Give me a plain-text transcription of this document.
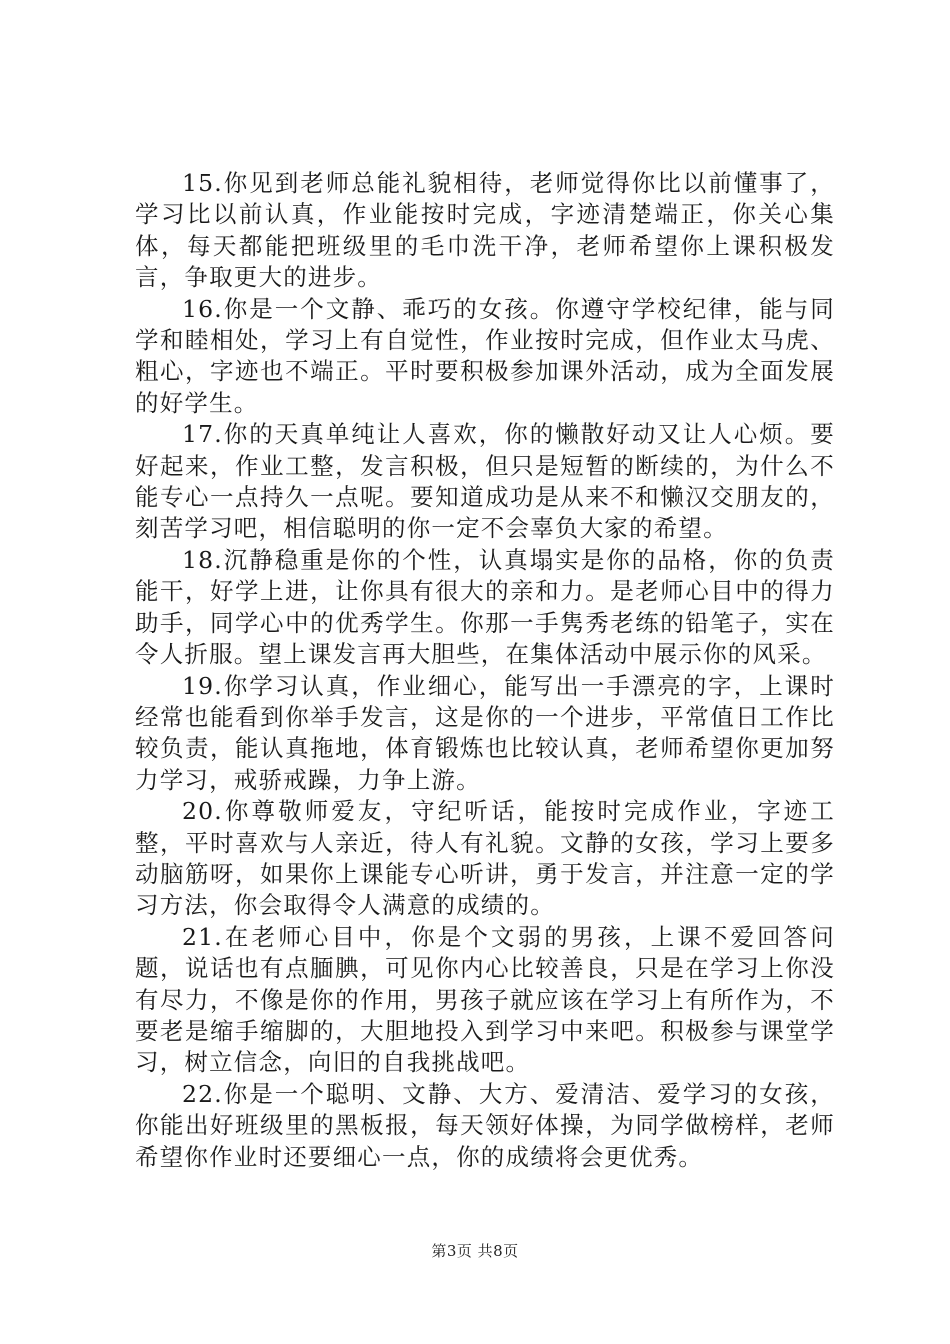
15.你见到老师总能礼貌相待，老师觉得你比以前懂事了，学习比以前认真，作业能按时完成，字迹清楚端正，你关心集体，每天都能把班级里的毛巾洗干净，老师希望你上课积极发言，争取更大的进步。

16.你是一个文静、乖巧的女孩。你遵守学校纪律，能与同学和睦相处，学习上有自觉性，作业按时完成，但作业太马虎、粗心，字迹也不端正。平时要积极参加课外活动，成为全面发展的好学生。

17.你的天真单纯让人喜欢，你的懒散好动又让人心烦。要好起来，作业工整，发言积极，但只是短暂的断续的，为什么不能专心一点持久一点呢。要知道成功是从来不和懒汉交朋友的，刻苦学习吧，相信聪明的你一定不会辜负大家的希望。

18.沉静稳重是你的个性，认真塌实是你的品格，你的负责能干，好学上进，让你具有很大的亲和力。是老师心目中的得力助手，同学心中的优秀学生。你那一手隽秀老练的铅笔子，实在令人折服。望上课发言再大胆些，在集体活动中展示你的风采。

19.你学习认真，作业细心，能写出一手漂亮的字，上课时经常也能看到你举手发言，这是你的一个进步，平常值日工作比较负责，能认真拖地，体育锻炼也比较认真，老师希望你更加努力学习，戒骄戒躁，力争上游。

20.你尊敬师爱友，守纪听话，能按时完成作业，字迹工整，平时喜欢与人亲近，待人有礼貌。文静的女孩，学习上要多动脑筋呀，如果你上课能专心听讲，勇于发言，并注意一定的学习方法，你会取得令人满意的成绩的。

21.在老师心目中，你是个文弱的男孩，上课不爱回答问题，说话也有点腼腆，可见你内心比较善良，只是在学习上你没有尽力，不像是你的作用，男孩子就应该在学习上有所作为，不要老是缩手缩脚的，大胆地投入到学习中来吧。积极参与课堂学习，树立信念，向旧的自我挑战吧。

22.你是一个聪明、文静、大方、爱清洁、爱学习的女孩，你能出好班级里的黑板报，每天领好体操，为同学做榜样，老师希望你作业时还要细心一点，你的成绩将会更优秀。

第3页 共8页
